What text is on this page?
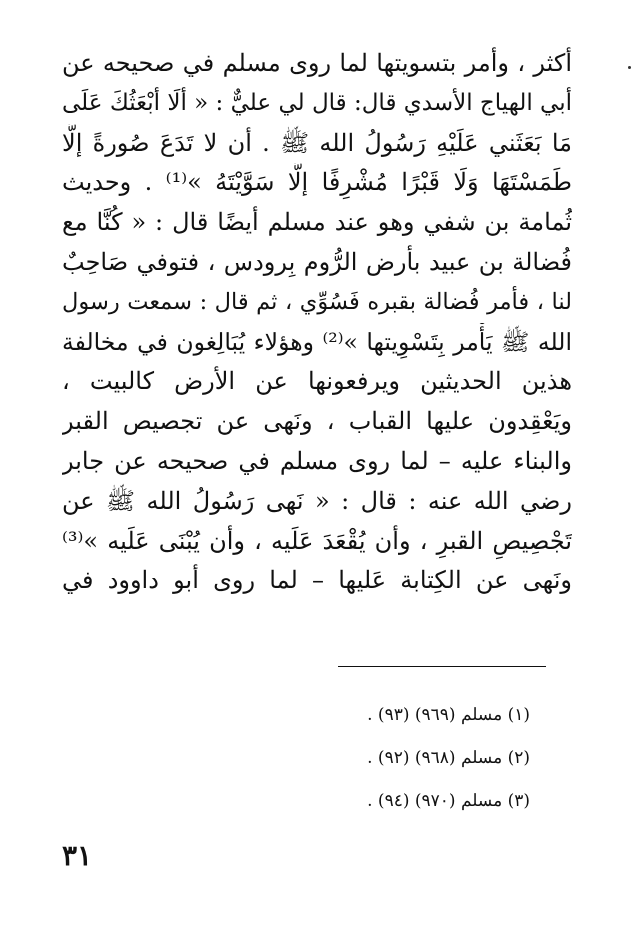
أكثر ، وأمر بتسويتها لما روى مسلم في صحيحه عن
أبي الهياج الأسدي قال: قال لي عليٌّ : « ألَا أبْعَثُكَ عَلَى
مَا بَعَثَني عَلَيْهِ رَسُولُ الله ﷺ . أن لا تَدَعَ صُورةً إلَّا
طَمَسْتَهَا وَلَا قَبْرًا مُشْرِفًا إلَّا سَوَّيْتَهُ »⁽¹⁾ . وحديث
ثُمامة بن شفي وهو عند مسلم أيضًا قال : « كُنَّا مع
فُضالة بن عبيد بأرض الرُّوم بِرودس ، فتوفي صَاحِبٌ
لنا ، فأمر فُضالة بقبره فَسُوِّي ، ثم قال : سمعت رسول
الله ﷺ يَأْمر بِتَسْوِيتها »⁽²⁾ وهؤلاء يُبَالِغون في مخالفة
هذين الحديثين ويرفعونها عن الأرض كالبيت ،
ويَعْقِدون عليها القباب ، ونَهى عن تجصيص القبر
والبناء عليه – لما روى مسلم في صحيحه عن جابر
رضي الله عنه : قال : « نَهى رَسُولُ الله ﷺ عن
تَجْصِيصِ القبرِ ، وأن يُقْعَدَ عَلَيه ، وأن يُبْنَى عَلَيه »⁽³⁾
ونَهى عن الكِتابة عَليها – لما روى أبو داوود في
(١) مسلم (٩٦٩) (٩٣) .
(٢) مسلم (٩٦٨) (٩٢) .
(٣) مسلم (٩٧٠) (٩٤) .
٣١
